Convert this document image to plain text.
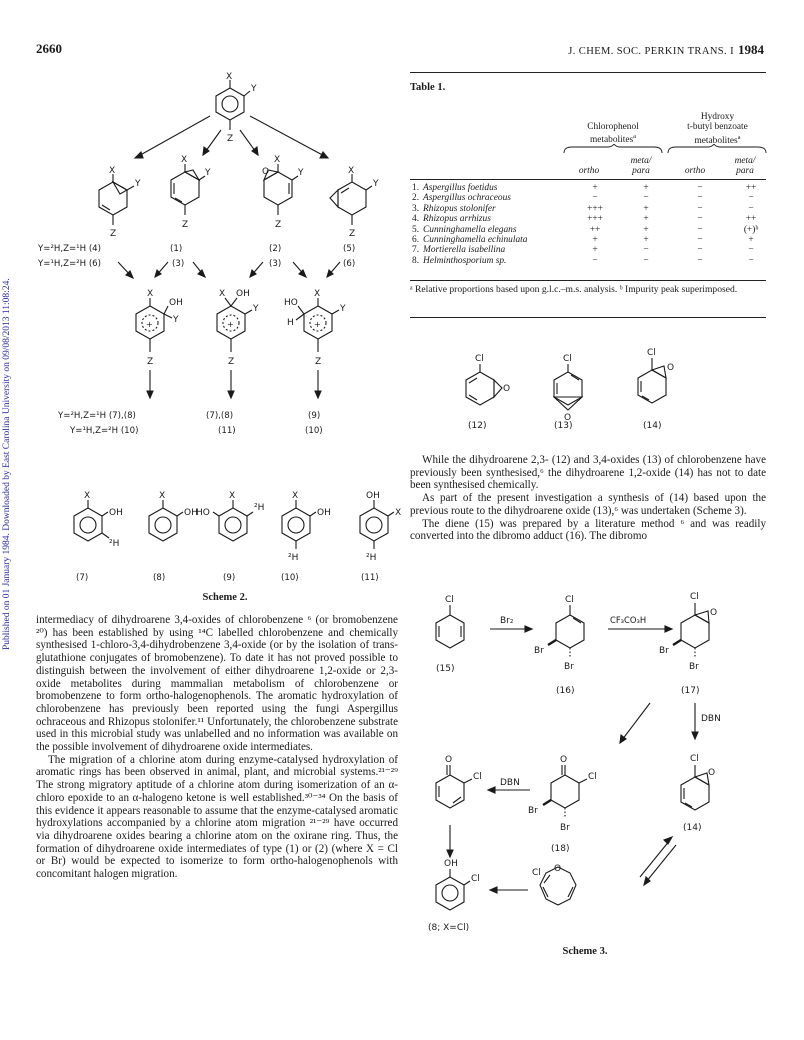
2660	J. CHEM. SOC. PERKIN TRANS. I 1984
Published on 01 January 1984. Downloaded by East Carolina University on 09/08/2013 11:08:24.
X
Y
Z
X
Y
Z
X
Y
Z
X
O	Y
Z
X
Y
Z
Y=²H,Z=¹H (4)
Y=¹H,Z=²H (6)
(1)
(3)
(2)
(3)
(5)
(6)
X
OH
Y
+
Z
X OH
Y
+
Z
X
HO
H
Y
+
Z
Y=²H,Z=¹H (7),(8)
Y=¹H,Z=²H (10)
(7),(8)
(11)
(9)
(10)
X
OH
²H
X
OH
X
HO	²H
X
OH
²H
OH
X
²H
(7)	(8)	(9)	(10)	(11)
Scheme 2.

intermediacy of dihydroarene 3,4-oxides of chlorobenzene ⁶ (or bromobenzene ²⁰) has been established by using ¹⁴C labelled chlorobenzene and chemically synthesised 1-chloro-3,4-dihydrobenzene 3,4-oxide (or by the isolation of trans-glutathione conjugates of bromobenzene). To date it has not proved possible to distinguish between the involvement of either dihydroarene 1,2-oxide or 2,3-oxide metabolites during mammalian metabolism of chlorobenzene or bromobenzene to form ortho-halogenophenols. The aromatic hydroxylation of chlorobenzene has previously been reported using the fungi Aspergillus ochraceous and Rhizopus stolonifer.¹¹ Unfortunately, the chlorobenzene substrate used in this microbial study was unlabelled and no information was available on the possible involvement of dihydroarene oxide intermediates.

The migration of a chlorine atom during enzyme-catalysed hydroxylation of aromatic rings has been observed in animal, plant, and microbial systems.²¹⁻²⁹ The strong migratory aptitude of a chlorine atom during isomerization of an α-chloro epoxide to an α-halogeno ketone is well established.³⁰⁻³⁴ On the basis of this evidence it appears reasonable to assume that the enzyme-catalysed aromatic hydroxylations accompanied by a chlorine atom migration ²¹⁻²⁹ have occurred via dihydroarene oxides bearing a chlorine atom on the oxirane ring. Thus, the formation of dihydroarene oxide intermediates of type (1) or (2) (where X = Cl or Br) would be expected to isomerize to form ortho-halogenophenols with concomitant halogen migration.

Table 1.
Chlorophenol
metabolites$^a$
Hydroxy
t-butyl benzoate
metabolites$^a$
meta/	meta/
ortho	para	ortho	para
1.	Aspergillus foetidus	+	+	−	++
2.	Aspergillus ochraceous	−	−	−	−
3.	Rhizopus stolonifer	+++	+	−	−
4.	Rhizopus arrhizus	+++	+	−	++
5.	Cunninghamella elegans	++	+	−	(+)ᵇ
6.	Cunninghamella echinulata	+	+	−	+
7.	Mortierella isabellina	+	−	−	−
8.	Helminthosporium sp.	−	−	−	−
ᵃ Relative proportions based upon g.l.c.–m.s. analysis. ᵇ Impurity peak superimposed.
Cl
O
(12)
Cl
O
(13)
Cl
O
(14)

While the dihydroarene 2,3- (12) and 3,4-oxides (13) of chlorobenzene have previously been synthesised,⁶ the dihydroarene 1,2-oxide (14) has not to date been synthesised chemically.

As part of the present investigation a synthesis of (14) based upon the previous route to the dihydroarene oxide (13),⁶ was undertaken (Scheme 3).

The diene (15) was prepared by a literature method ⁶ and was readily converted into the dibromo adduct (16). The dibromo

Cl
(15)
Br₂
Cl
Br
Br
(16)
CF₃CO₃H
Cl
O
Br
Br
(17)
DBN
Cl
O
(14)
O
Cl
Br
Br
(18)
DBN
O
Cl
O
Cl
OH
Cl
(8; X=Cl)
Scheme 3.
